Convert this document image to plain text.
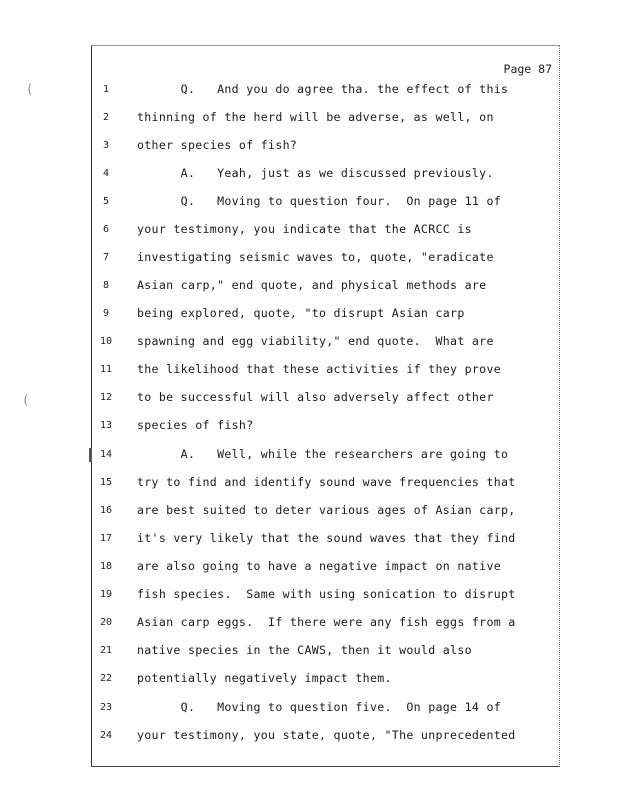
Page 87
(
(
1	Q.   And you do agree tha. the effect of this
2	thinning of the herd will be adverse, as well, on
3	other species of fish?
4	A.   Yeah, just as we discussed previously.
5	Q.   Moving to question four.  On page 11 of
6	your testimony, you indicate that the ACRCC is
7	investigating seismic waves to, quote, "eradicate
8	Asian carp," end quote, and physical methods are
9	being explored, quote, "to disrupt Asian carp
10 spawning and egg viability," end quote.  What are
11 the likelihood that these activities if they prove
12 to be successful will also adversely affect other
13 species of fish?
14 A.   Well, while the researchers are going to
15 try to find and identify sound wave frequencies that
16 are best suited to deter various ages of Asian carp,
17 it's very likely that the sound waves that they find
18 are also going to have a negative impact on native
19 fish species.  Same with using sonication to disrupt
20 Asian carp eggs.  If there were any fish eggs from a
21 native species in the CAWS, then it would also
22 potentially negatively impact them.
23 Q.   Moving to question five.  On page 14 of
24 your testimony, you state, quote, "The unprecedented
